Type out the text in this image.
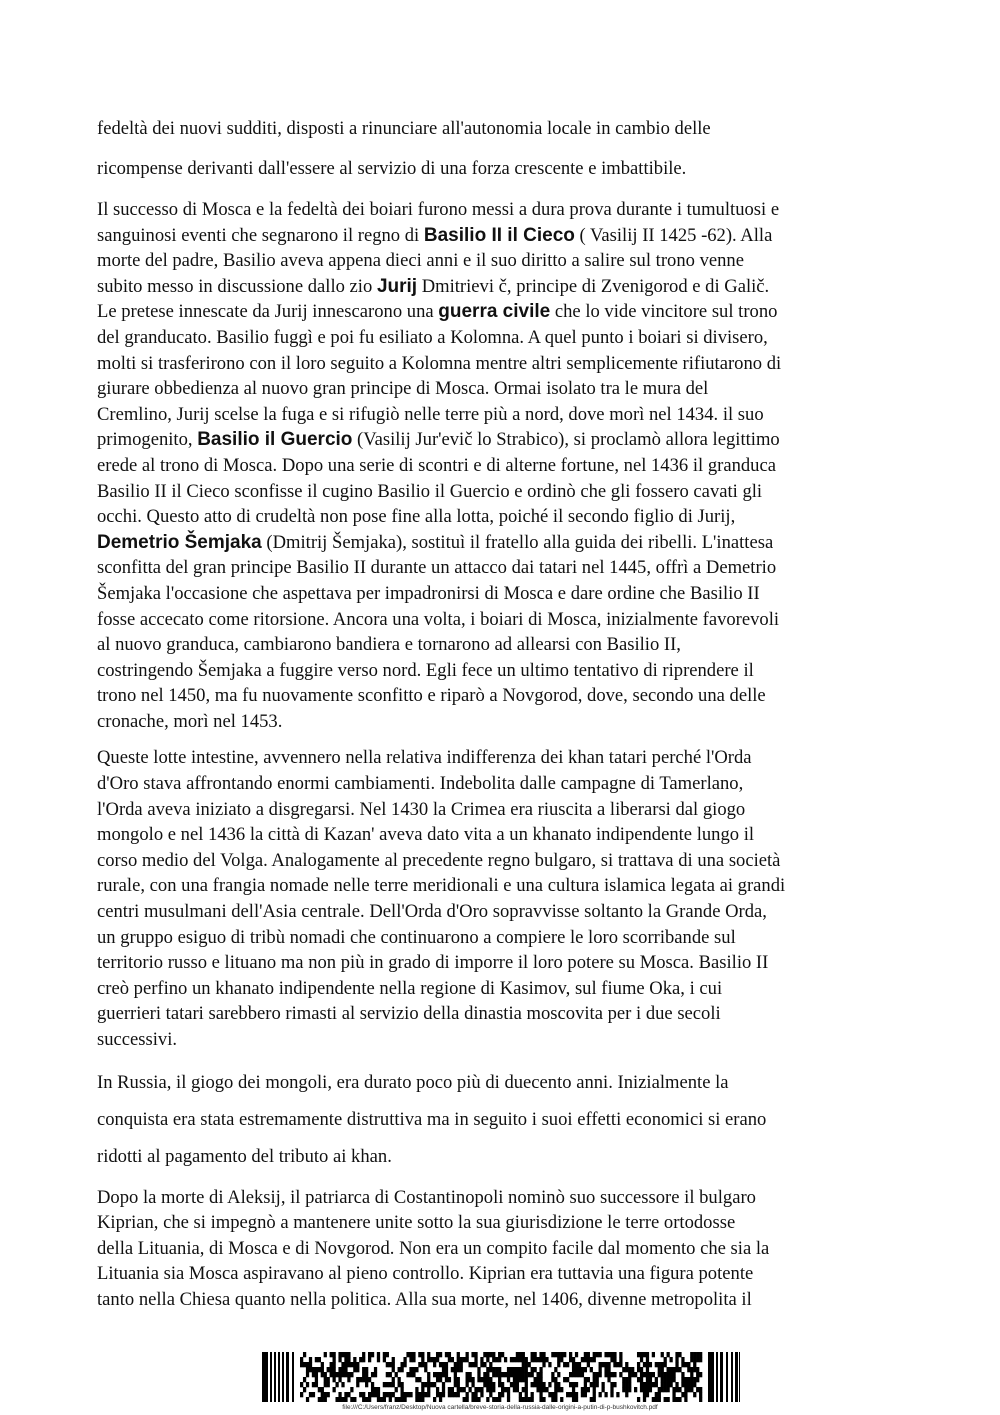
fedeltà dei nuovi sudditi, disposti a rinunciare all'autonomia locale in cambio delle

ricompense derivanti dall'essere al servizio di una forza crescente e imbattibile.

Il successo di Mosca e la fedeltà dei boiari furono messi a dura prova durante i tumultuosi e
sanguinosi eventi che segnarono il regno di Basilio II il Cieco ( Vasilij II 1425 -62). Alla
morte del padre, Basilio aveva appena dieci anni e il suo diritto a salire sul trono venne
subito messo in discussione dallo zio Jurij Dmitrievi č, principe di Zvenigorod e di Galič.
Le pretese innescate da Jurij innescarono una guerra civile che lo vide vincitore sul trono
del granducato. Basilio fuggì e poi fu esiliato a Kolomna. A quel punto i boiari si divisero,
molti si trasferirono con il loro seguito a Kolomna mentre altri semplicemente rifiutarono di
giurare obbedienza al nuovo gran principe di Mosca. Ormai isolato tra le mura del
Cremlino, Jurij scelse la fuga e si rifugiò nelle terre più a nord, dove morì nel 1434. il suo
primogenito, Basilio il Guercio (Vasilij Jur'evič lo Strabico), si proclamò allora legittimo
erede al trono di Mosca. Dopo una serie di scontri e di alterne fortune, nel 1436 il granduca
Basilio II il Cieco sconfisse il cugino Basilio il Guercio e ordinò che gli fossero cavati gli
occhi. Questo atto di crudeltà non pose fine alla lotta, poiché il secondo figlio di Jurij,
Demetrio Šemjaka (Dmitrij Šemjaka), sostituì il fratello alla guida dei ribelli. L'inattesa
sconfitta del gran principe Basilio II durante un attacco dai tatari nel 1445, offrì a Demetrio
Šemjaka l'occasione che aspettava per impadronirsi di Mosca e dare ordine che Basilio II
fosse accecato come ritorsione. Ancora una volta, i boiari di Mosca, inizialmente favorevoli
al nuovo granduca, cambiarono bandiera e tornarono ad allearsi con Basilio II,
costringendo Šemjaka a fuggire verso nord. Egli fece un ultimo tentativo di riprendere il
trono nel 1450, ma fu nuovamente sconfitto e riparò a Novgorod, dove, secondo una delle
cronache, morì nel 1453.

Queste lotte intestine, avvennero nella relativa indifferenza dei khan tatari perché l'Orda
d'Oro stava affrontando enormi cambiamenti. Indebolita dalle campagne di Tamerlano,
l'Orda aveva iniziato a disgregarsi. Nel 1430 la Crimea era riuscita a liberarsi dal giogo
mongolo e nel 1436 la città di Kazan' aveva dato vita a un khanato indipendente lungo il
corso medio del Volga. Analogamente al precedente regno bulgaro, si trattava di una società
rurale, con una frangia nomade nelle terre meridionali e una cultura islamica legata ai grandi
centri musulmani dell'Asia centrale. Dell'Orda d'Oro sopravvisse soltanto la Grande Orda,
un gruppo esiguo di tribù nomadi che continuarono a compiere le loro scorribande sul
territorio russo e lituano ma non più in grado di imporre il loro potere su Mosca. Basilio II
creò perfino un khanato indipendente nella regione di Kasimov, sul fiume Oka, i cui
guerrieri tatari sarebbero rimasti al servizio della dinastia moscovita per i due secoli
successivi.

In Russia, il giogo dei mongoli, era durato poco più di duecento anni. Inizialmente la
conquista era stata estremamente distruttiva ma in seguito i suoi effetti economici si erano
ridotti al pagamento del tributo ai khan.

Dopo la morte di Aleksij, il patriarca di Costantinopoli nominò suo successore il bulgaro
Kiprian, che si impegnò a mantenere unite sotto la sua giurisdizione le terre ortodosse
della Lituania, di Mosca e di Novgorod. Non era un compito facile dal momento che sia la
Lituania sia Mosca aspiravano al pieno controllo. Kiprian era tuttavia una figura potente
tanto nella Chiesa quanto nella politica. Alla sua morte, nel 1406, divenne metropolita il

file:///C:/Users/franz/Desktop/Nuova cartella/breve-storia-della-russia-dalle-origini-a-putin-di-p-bushkovitch.pdf
